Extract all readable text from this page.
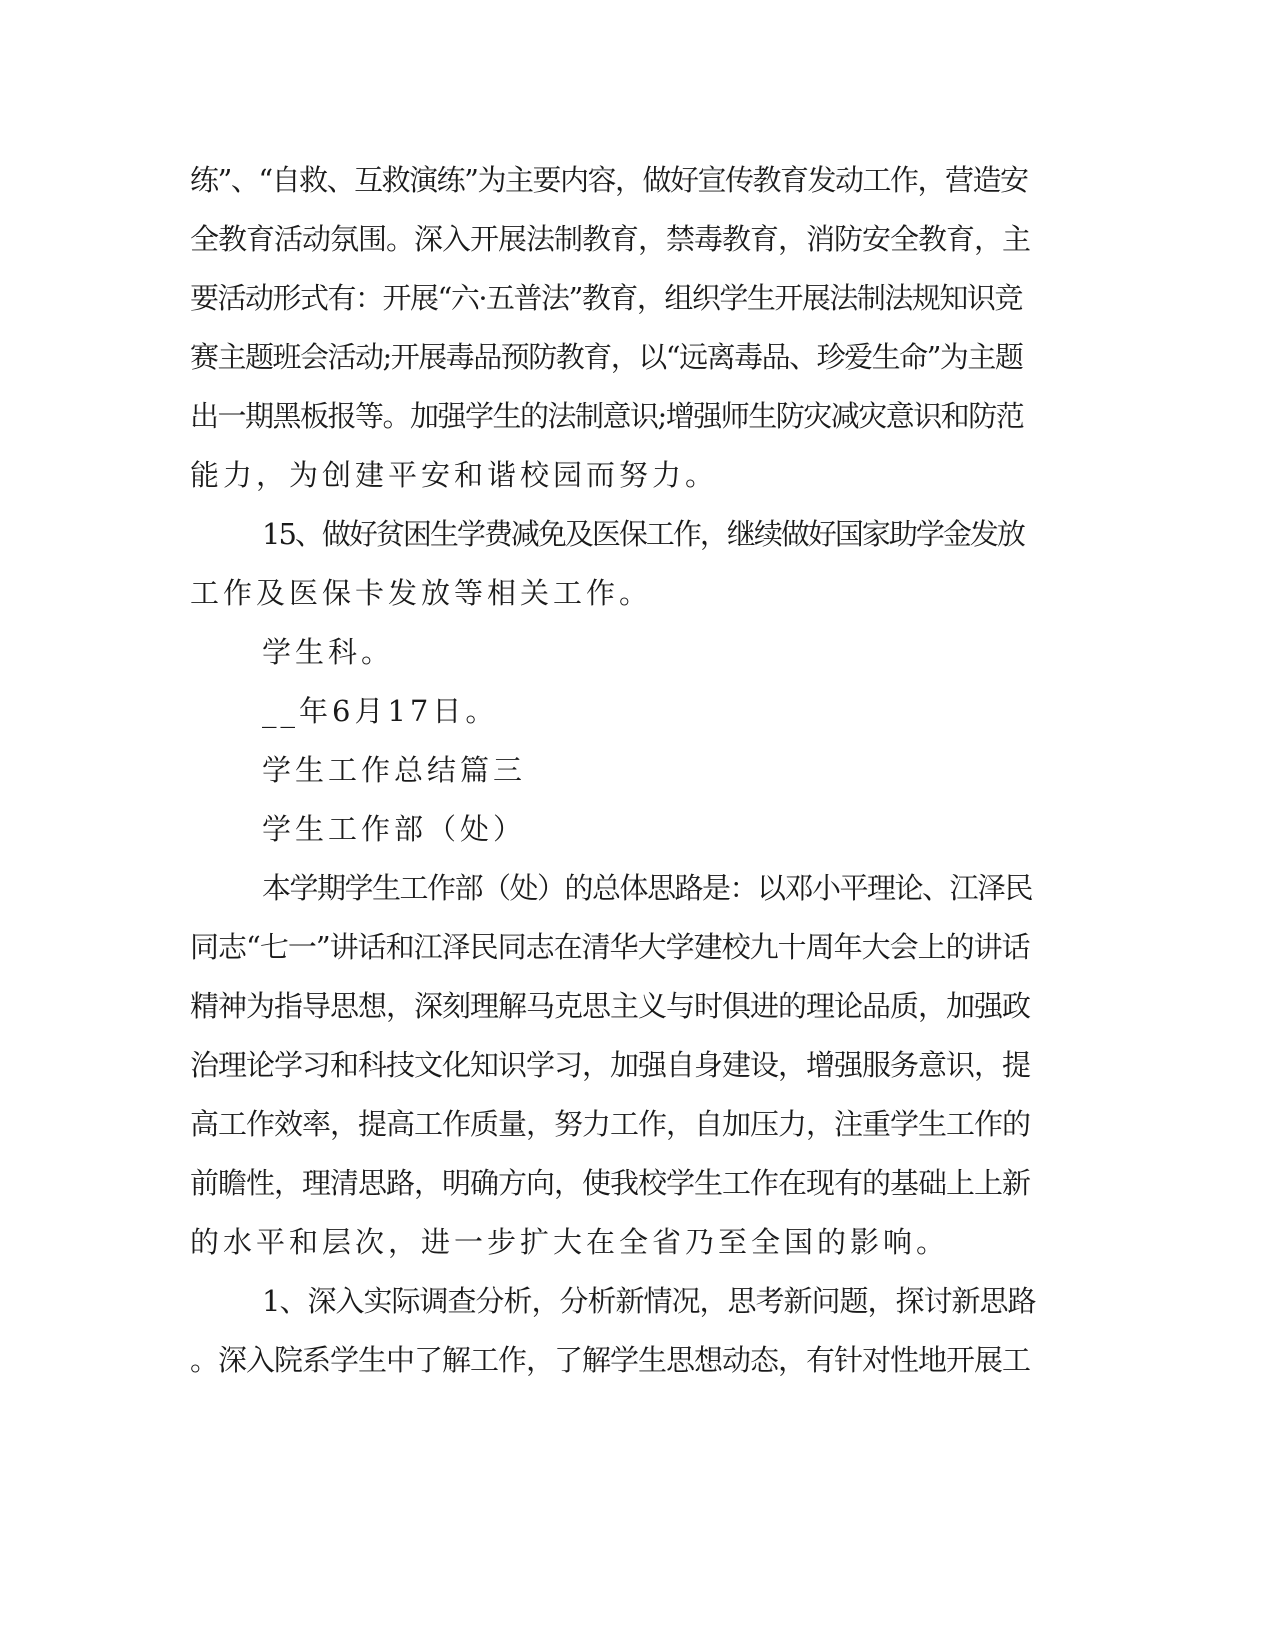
练”、“自救、互救演练”为主要内容，做好宣传教育发动工作，营造安
全教育活动氛围。深入开展法制教育，禁毒教育，消防安全教育，主
要活动形式有：开展“六·五普法”教育，组织学生开展法制法规知识竞
赛主题班会活动;开展毒品预防教育，以“远离毒品、珍爱生命”为主题
出一期黑板报等。加强学生的法制意识;增强师生防灾减灾意识和防范
能力，为创建平安和谐校园而努力。
15、做好贫困生学费减免及医保工作，继续做好国家助学金发放
工作及医保卡发放等相关工作。
学生科。
__年6月17日。
学生工作总结篇三
学生工作部（处）
本学期学生工作部（处）的总体思路是：以邓小平理论、江泽民
同志“七一”讲话和江泽民同志在清华大学建校九十周年大会上的讲话
精神为指导思想，深刻理解马克思主义与时俱进的理论品质，加强政
治理论学习和科技文化知识学习，加强自身建设，增强服务意识，提
高工作效率，提高工作质量，努力工作，自加压力，注重学生工作的
前瞻性，理清思路，明确方向，使我校学生工作在现有的基础上上新
的水平和层次，进一步扩大在全省乃至全国的影响。
1、深入实际调查分析，分析新情况，思考新问题，探讨新思路
。深入院系学生中了解工作，了解学生思想动态，有针对性地开展工
